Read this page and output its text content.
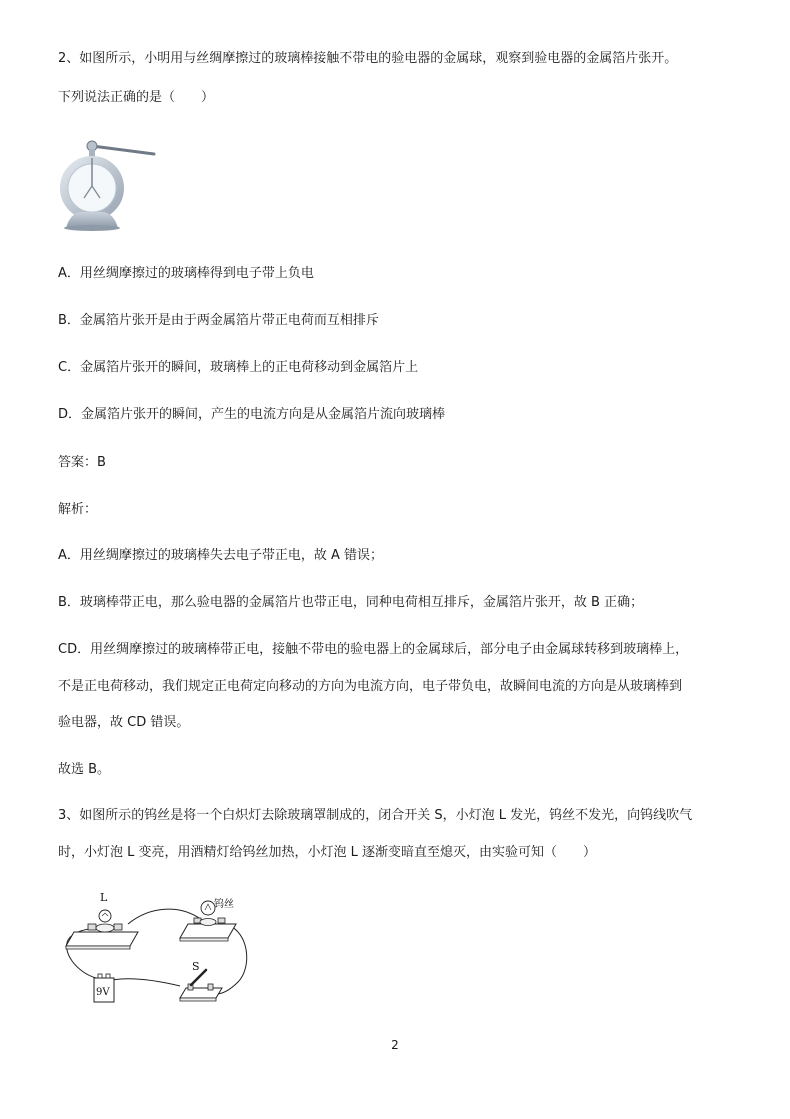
2、如图所示，小明用与丝绸摩擦过的玻璃棒接触不带电的验电器的金属球，观察到验电器的金属箔片张开。
下列说法正确的是（　　）
A．用丝绸摩擦过的玻璃棒得到电子带上负电
B．金属箔片张开是由于两金属箔片带正电荷而互相排斥
C．金属箔片张开的瞬间，玻璃棒上的正电荷移动到金属箔片上
D．金属箔片张开的瞬间，产生的电流方向是从金属箔片流向玻璃棒
答案：B
解析：
A．用丝绸摩擦过的玻璃棒失去电子带正电，故 A 错误；
B．玻璃棒带正电，那么验电器的金属箔片也带正电，同种电荷相互排斥，金属箔片张开，故 B 正确；
CD．用丝绸摩擦过的玻璃棒带正电，接触不带电的验电器上的金属球后，部分电子由金属球转移到玻璃棒上，
不是正电荷移动，我们规定正电荷定向移动的方向为电流方向，电子带负电，故瞬间电流的方向是从玻璃棒到
验电器，故 CD 错误。
故选 B。
3、如图所示的钨丝是将一个白炽灯去除玻璃罩制成的，闭合开关 S，小灯泡 L 发光，钨丝不发光，向钨线吹气
时，小灯泡 L 变亮，用酒精灯给钨丝加热，小灯泡 L 逐渐变暗直至熄灭，由实验可知（　　）
L
钨丝
9V
S
2
